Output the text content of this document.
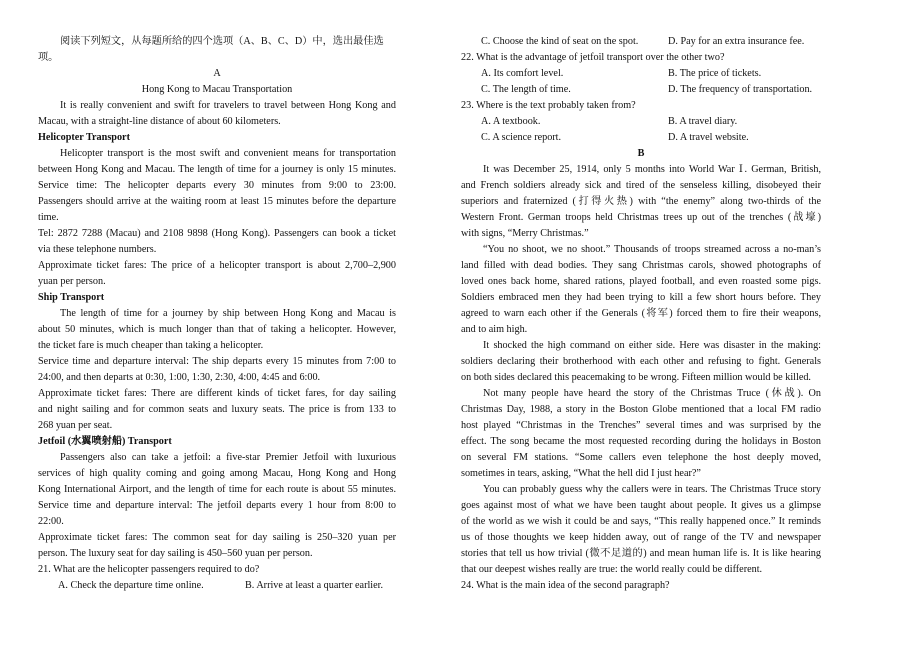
阅读下列短文，从每题所给的四个选项（A、B、C、D）中，选出最佳选

项。

A

Hong Kong to Macau Transportation

It is really convenient and swift for travelers to travel between Hong Kong and

Macau, with a straight-line distance of about 60 kilometers.

Helicopter Transport

Helicopter transport is the most swift and convenient means for transportation

between Hong Kong and Macau. The length of time for a journey is only 15 minutes.

Service time: The helicopter departs every 30 minutes from 9:00 to 23:00.

Passengers should arrive at the waiting room at least 15 minutes before the departure

time.

Tel: 2872 7288 (Macau) and 2108 9898 (Hong Kong). Passengers can book a ticket

via these telephone numbers.

Approximate ticket fares: The price of a helicopter transport is about 2,700–2,900

yuan per person.

Ship Transport

The length of time for a journey by ship between Hong Kong and Macau is

about 50 minutes, which is much longer than that of taking a helicopter. However,

the ticket fare is much cheaper than taking a helicopter.

Service time and departure interval: The ship departs every 15 minutes from 7:00 to

24:00, and then departs at 0:30, 1:00, 1:30, 2:30, 4:00, 4:45 and 6:00.

Approximate ticket fares: There are different kinds of ticket fares, for day sailing

and night sailing and for common seats and luxury seats. The price is from 133 to

268 yuan per seat.

Jetfoil (水翼喷射船) Transport

Passengers also can take a jetfoil: a five-star Premier Jetfoil with luxurious

services of high quality coming and going among Macau, Hong Kong and Hong

Kong International Airport, and the length of time for each route is about 55 minutes.

Service time and departure interval: The jetfoil departs every 1 hour from 8:00 to

22:00.

Approximate ticket fares: The common seat for day sailing is 250–320 yuan per

person. The luxury seat for day sailing is 450–560 yuan per person.

21. What are the helicopter passengers required to do?

A. Check the departure time online.	B. Arrive at least a quarter earlier.
C. Choose the kind of seat on the spot.	D. Pay for an extra insurance fee.

22. What is the advantage of jetfoil transport over the other two?

A. Its comfort level.	B. The price of tickets.
C. The length of time.	D. The frequency of transportation.

23. Where is the text probably taken from?

A. A textbook.	B. A travel diary.
C. A science report.	D. A travel website.

B

It was December 25, 1914, only 5 months into World War Ⅰ. German, British,

and French soldiers already sick and tired of the senseless killing, disobeyed their

superiors and fraternized (打得火热) with “the enemy” along two-thirds of the

Western Front. German troops held Christmas trees up out of the trenches (战壕)

with signs, “Merry Christmas.”

“You no shoot, we no shoot.” Thousands of troops streamed across a no-man’s

land filled with dead bodies. They sang Christmas carols, showed photographs of

loved ones back home, shared rations, played football, and even roasted some pigs.

Soldiers embraced men they had been trying to kill a few short hours before. They

agreed to warn each other if the Generals (将军) forced them to fire their weapons,

and to aim high.

It shocked the high command on either side. Here was disaster in the making:

soldiers declaring their brotherhood with each other and refusing to fight. Generals

on both sides declared this peacemaking to be wrong. Fifteen million would be killed.

Not many people have heard the story of the Christmas Truce (休战). On

Christmas Day, 1988, a story in the Boston Globe mentioned that a local FM radio

host played “Christmas in the Trenches” several times and was surprised by the

effect. The song became the most requested recording during the holidays in Boston

on several FM stations. “Some callers even telephone the host deeply moved,

sometimes in tears, asking, “What the hell did I just hear?”

You can probably guess why the callers were in tears. The Christmas Truce story

goes against most of what we have been taught about people. It gives us a glimpse

of the world as we wish it could be and says, “This really happened once.” It reminds

us of those thoughts we keep hidden away, out of range of the TV and newspaper

stories that tell us how trivial (微不足道的) and mean human life is. It is like hearing

that our deepest wishes really are true: the world really could be different.

24. What is the main idea of the second paragraph?
